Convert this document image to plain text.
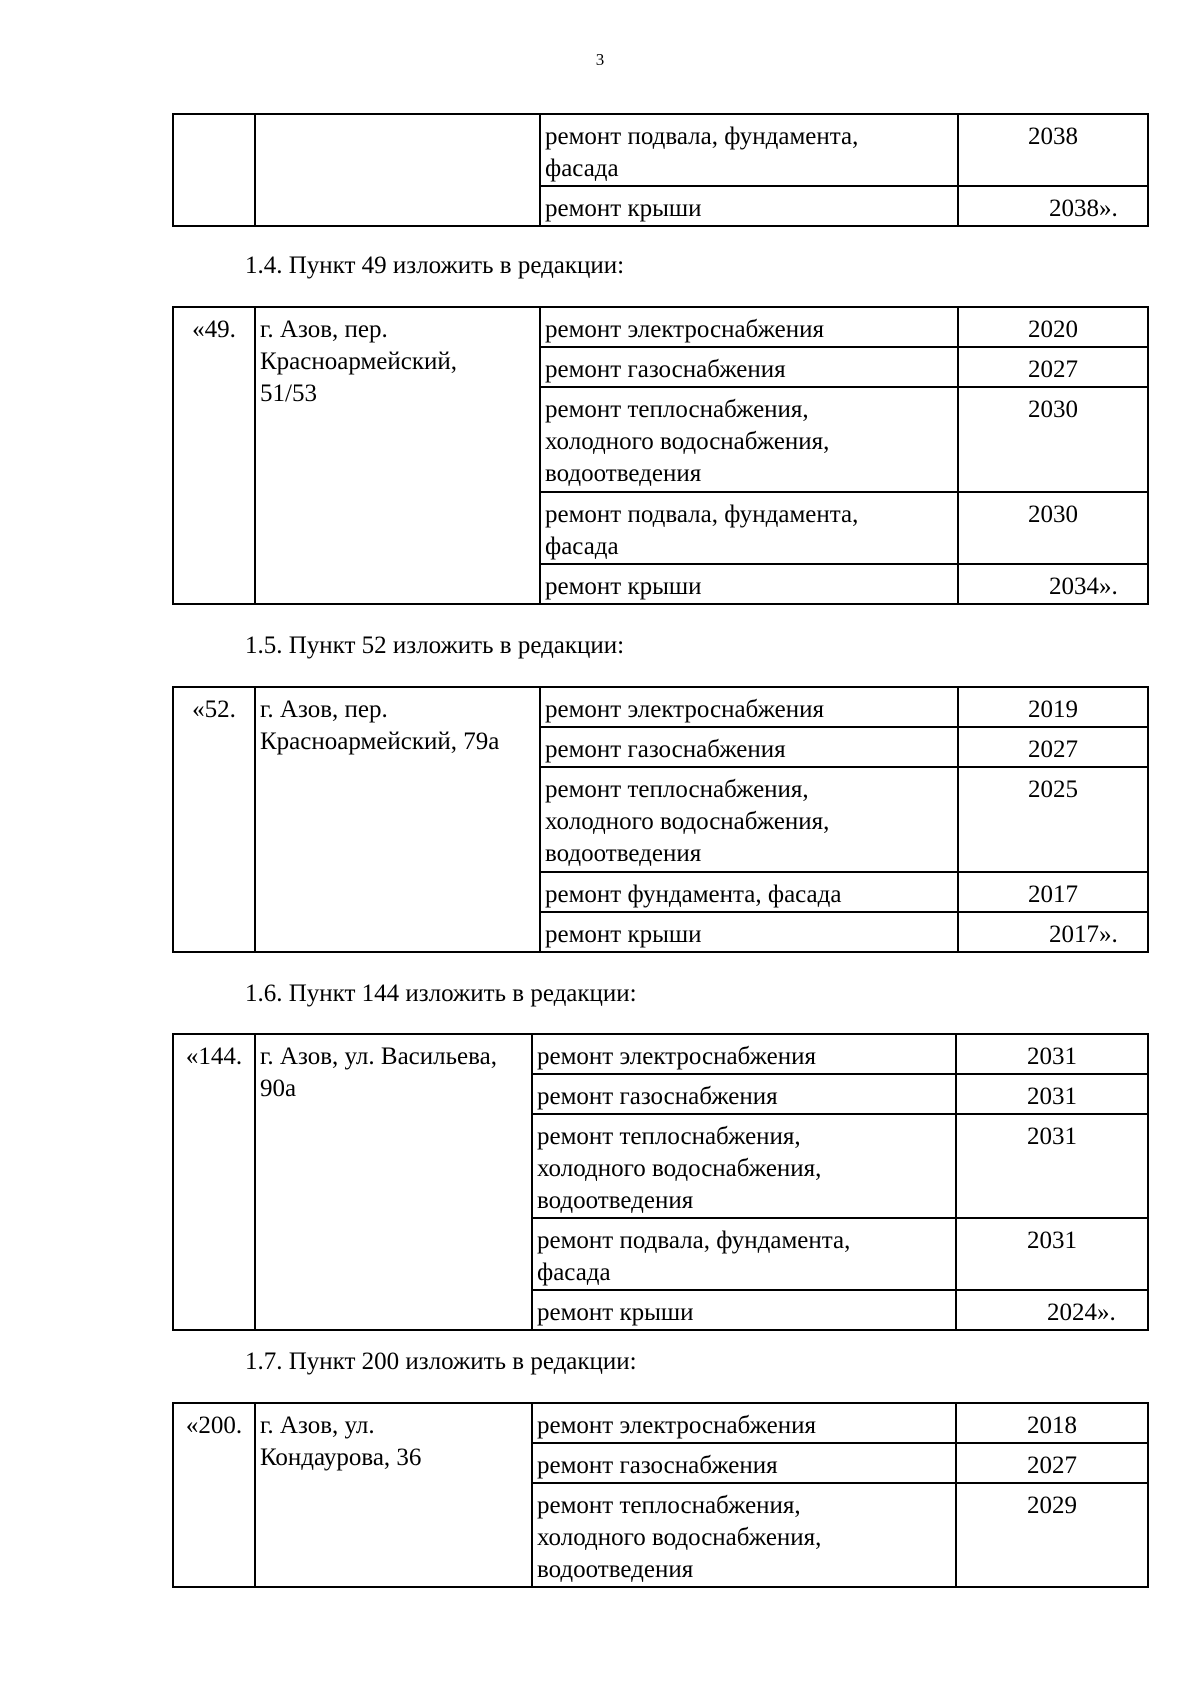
3
		ремонт подвала, фундамента, фасада	2038
		ремонт крыши	2038».
1.4. Пункт 49 изложить в редакции:
«49.	г. Азов, пер. Красноармейский, 51/53	ремонт электроснабжения	2020
		ремонт газоснабжения	2027
		ремонт теплоснабжения, холодного водоснабжения, водоотведения	2030
		ремонт подвала, фундамента, фасада	2030
		ремонт крыши	2034».
1.5. Пункт 52 изложить в редакции:
«52.	г. Азов, пер. Красноармейский, 79а	ремонт электроснабжения	2019
		ремонт газоснабжения	2027
		ремонт теплоснабжения, холодного водоснабжения, водоотведения	2025
		ремонт фундамента, фасада	2017
		ремонт крыши	2017».
1.6. Пункт 144 изложить в редакции:
«144.	г. Азов, ул. Васильева, 90а	ремонт электроснабжения	2031
		ремонт газоснабжения	2031
		ремонт теплоснабжения, холодного водоснабжения, водоотведения	2031
		ремонт подвала, фундамента, фасада	2031
		ремонт крыши	2024».
1.7. Пункт 200 изложить в редакции:
«200.	г. Азов, ул. Кондаурова, 36	ремонт электроснабжения	2018
		ремонт газоснабжения	2027
		ремонт теплоснабжения, холодного водоснабжения, водоотведения	2029
